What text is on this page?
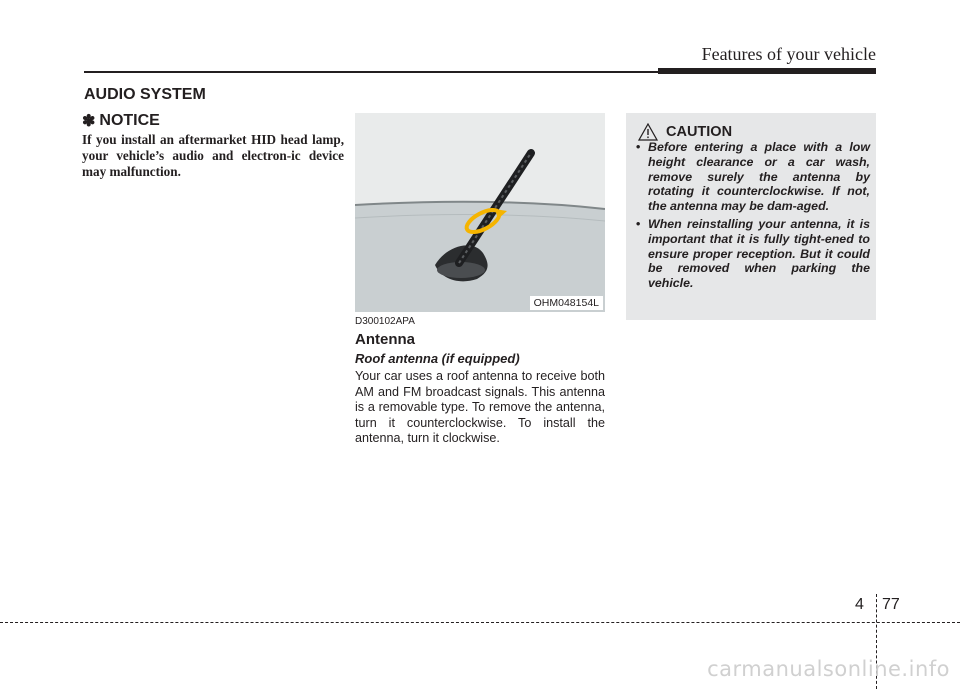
Features of your vehicle
AUDIO SYSTEM
✽ NOTICE
If you install an aftermarket HID head lamp, your vehicle’s audio and electron-ic device may malfunction.
OHM048154L
D300102APA
Antenna
Roof antenna (if equipped)
Your car uses a roof antenna to receive both AM and FM broadcast signals. This antenna is a removable type. To remove the antenna, turn it counterclockwise. To install the antenna, turn it clockwise.
CAUTION
• Before entering a place with a low height clearance or a car wash, remove surely the antenna by rotating it counterclockwise. If not, the antenna may be dam-aged.
• When reinstalling your antenna, it is important that it is fully tight-ened to ensure proper reception. But it could be removed when parking the vehicle.
4 77
carmanualsonline.info
